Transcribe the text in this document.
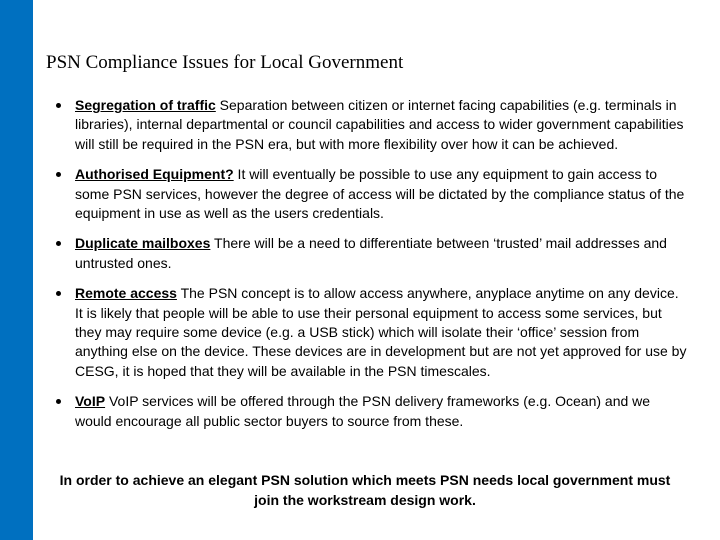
PSN Compliance Issues for Local Government
Segregation of traffic Separation between citizen or internet facing capabilities (e.g. terminals in libraries), internal departmental or council capabilities and access to wider government capabilities will still be required in the PSN era, but with more flexibility over how it can be achieved.
Authorised Equipment? It will eventually be possible to use any equipment to gain access to some PSN services, however the degree of access will be dictated by the compliance status of the equipment in use as well as the users credentials.
Duplicate mailboxes There will be a need to differentiate between ‘trusted’ mail addresses and untrusted ones.
Remote access The PSN concept is to allow access anywhere, anyplace anytime on any device. It is likely that people will be able to use their personal equipment to access some services, but they may require some device (e.g. a USB stick) which will isolate their ‘office’ session from anything else on the device. These devices are in development but are not yet approved for use by CESG, it is hoped that they will be available in the PSN timescales.
VoIP VoIP services will be offered through the PSN delivery frameworks (e.g. Ocean) and we would encourage all public sector buyers to source from these.
In order to achieve an elegant PSN solution which meets PSN needs local government must join the workstream design work.
